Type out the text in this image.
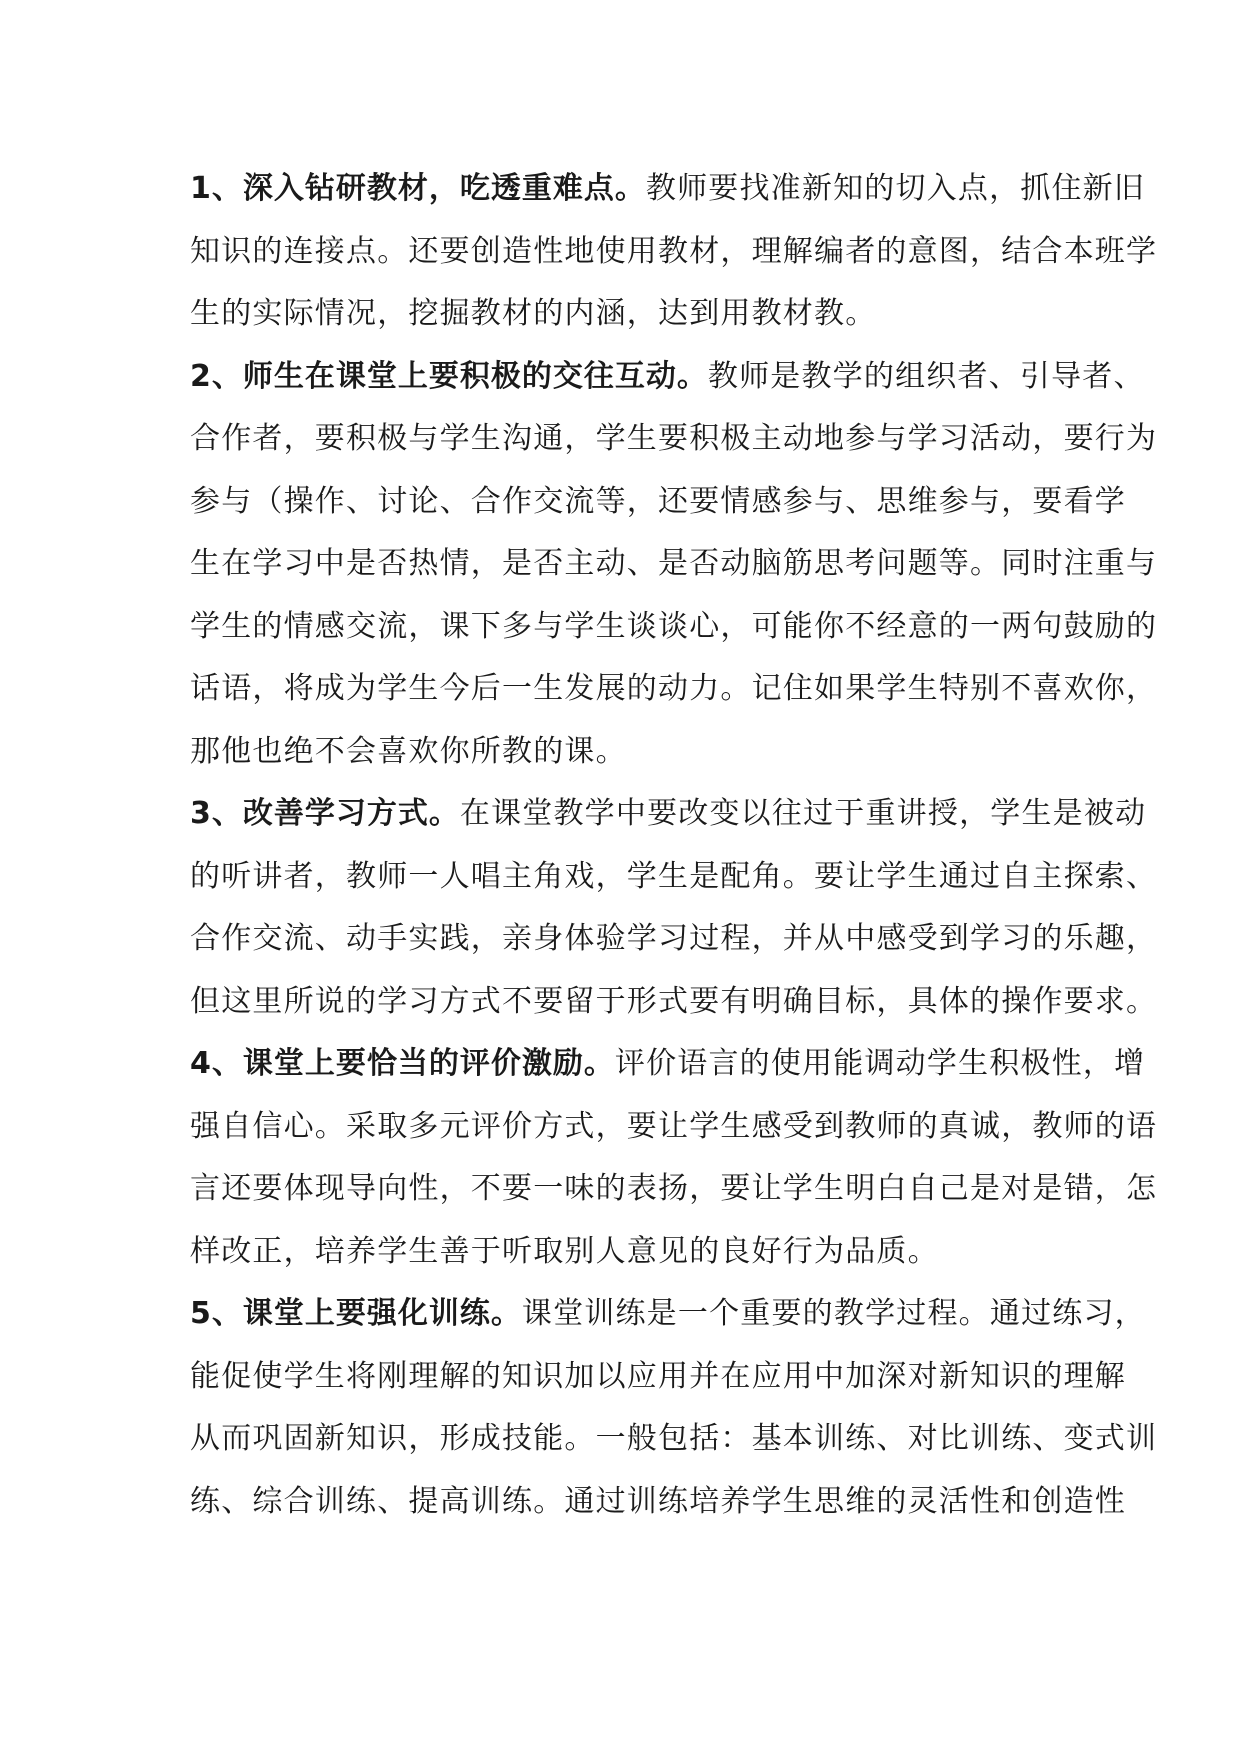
1、深入钻研教材，吃透重难点。教师要找准新知的切入点，抓住新旧
知识的连接点。还要创造性地使用教材，理解编者的意图，结合本班学
生的实际情况，挖掘教材的内涵，达到用教材教。
2、师生在课堂上要积极的交往互动。教师是教学的组织者、引导者、
合作者，要积极与学生沟通，学生要积极主动地参与学习活动，要行为
参与（操作、讨论、合作交流等，还要情感参与、思维参与，要看学
生在学习中是否热情，是否主动、是否动脑筋思考问题等。同时注重与
学生的情感交流，课下多与学生谈谈心，可能你不经意的一两句鼓励的
话语，将成为学生今后一生发展的动力。记住如果学生特别不喜欢你，
那他也绝不会喜欢你所教的课。
3、改善学习方式。在课堂教学中要改变以往过于重讲授，学生是被动
的听讲者，教师一人唱主角戏，学生是配角。要让学生通过自主探索、
合作交流、动手实践，亲身体验学习过程，并从中感受到学习的乐趣，
但这里所说的学习方式不要留于形式要有明确目标，具体的操作要求。
4、课堂上要恰当的评价激励。评价语言的使用能调动学生积极性，增
强自信心。采取多元评价方式，要让学生感受到教师的真诚，教师的语
言还要体现导向性，不要一味的表扬，要让学生明白自己是对是错，怎
样改正，培养学生善于听取别人意见的良好行为品质。
5、课堂上要强化训练。课堂训练是一个重要的教学过程。通过练习，
能促使学生将刚理解的知识加以应用并在应用中加深对新知识的理解
从而巩固新知识，形成技能。一般包括：基本训练、对比训练、变式训
练、综合训练、提高训练。通过训练培养学生思维的灵活性和创造性
